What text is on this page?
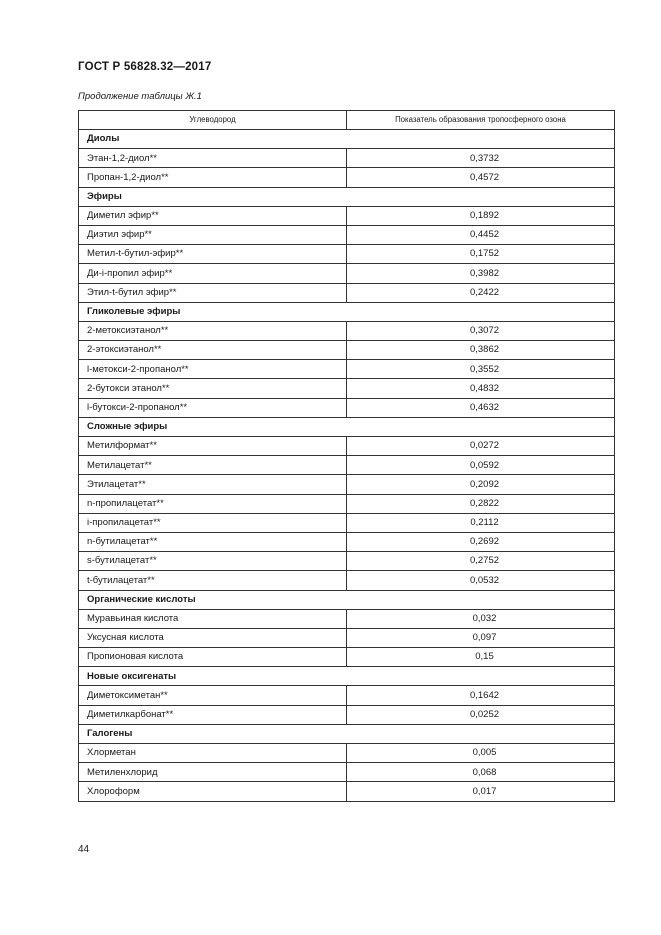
ГОСТ Р 56828.32—2017
Продолжение таблицы Ж.1
Углеводород	Показатель образования тропосферного озона
Диолы	
Этан-1,2-диол**	0,3732
Пропан-1,2-диол**	0,4572
Эфиры	
Диметил эфир**	0,1892
Диэтил эфир**	0,4452
Метил-t-бутил-эфир**	0,1752
Ди-i-пропил эфир**	0,3982
Этил-t-бутил эфир**	0,2422
Гликолевые эфиры	
2-метоксиэтанол**	0,3072
2-этоксиэтанол**	0,3862
l-метокси-2-пропанол**	0,3552
2-бутокси этанол**	0,4832
l-бутокси-2-пропанол**	0,4632
Сложные эфиры	
Метилформат**	0,0272
Метилацетат**	0,0592
Этилацетат**	0,2092
n-пропилацетат**	0,2822
i-пропилацетат**	0,2112
n-бутилацетат**	0,2692
s-бутилацетат**	0,2752
t-бутилацетат**	0,0532
Органические кислоты	
Муравьиная кислота	0,032
Уксусная кислота	0,097
Пропионовая кислота	0,15
Новые оксигенаты	
Диметоксиметан**	0,1642
Диметилкарбонат**	0,0252
Галогены	
Хлорметан	0,005
Метиленхлорид	0,068
Хлороформ	0,017
44
